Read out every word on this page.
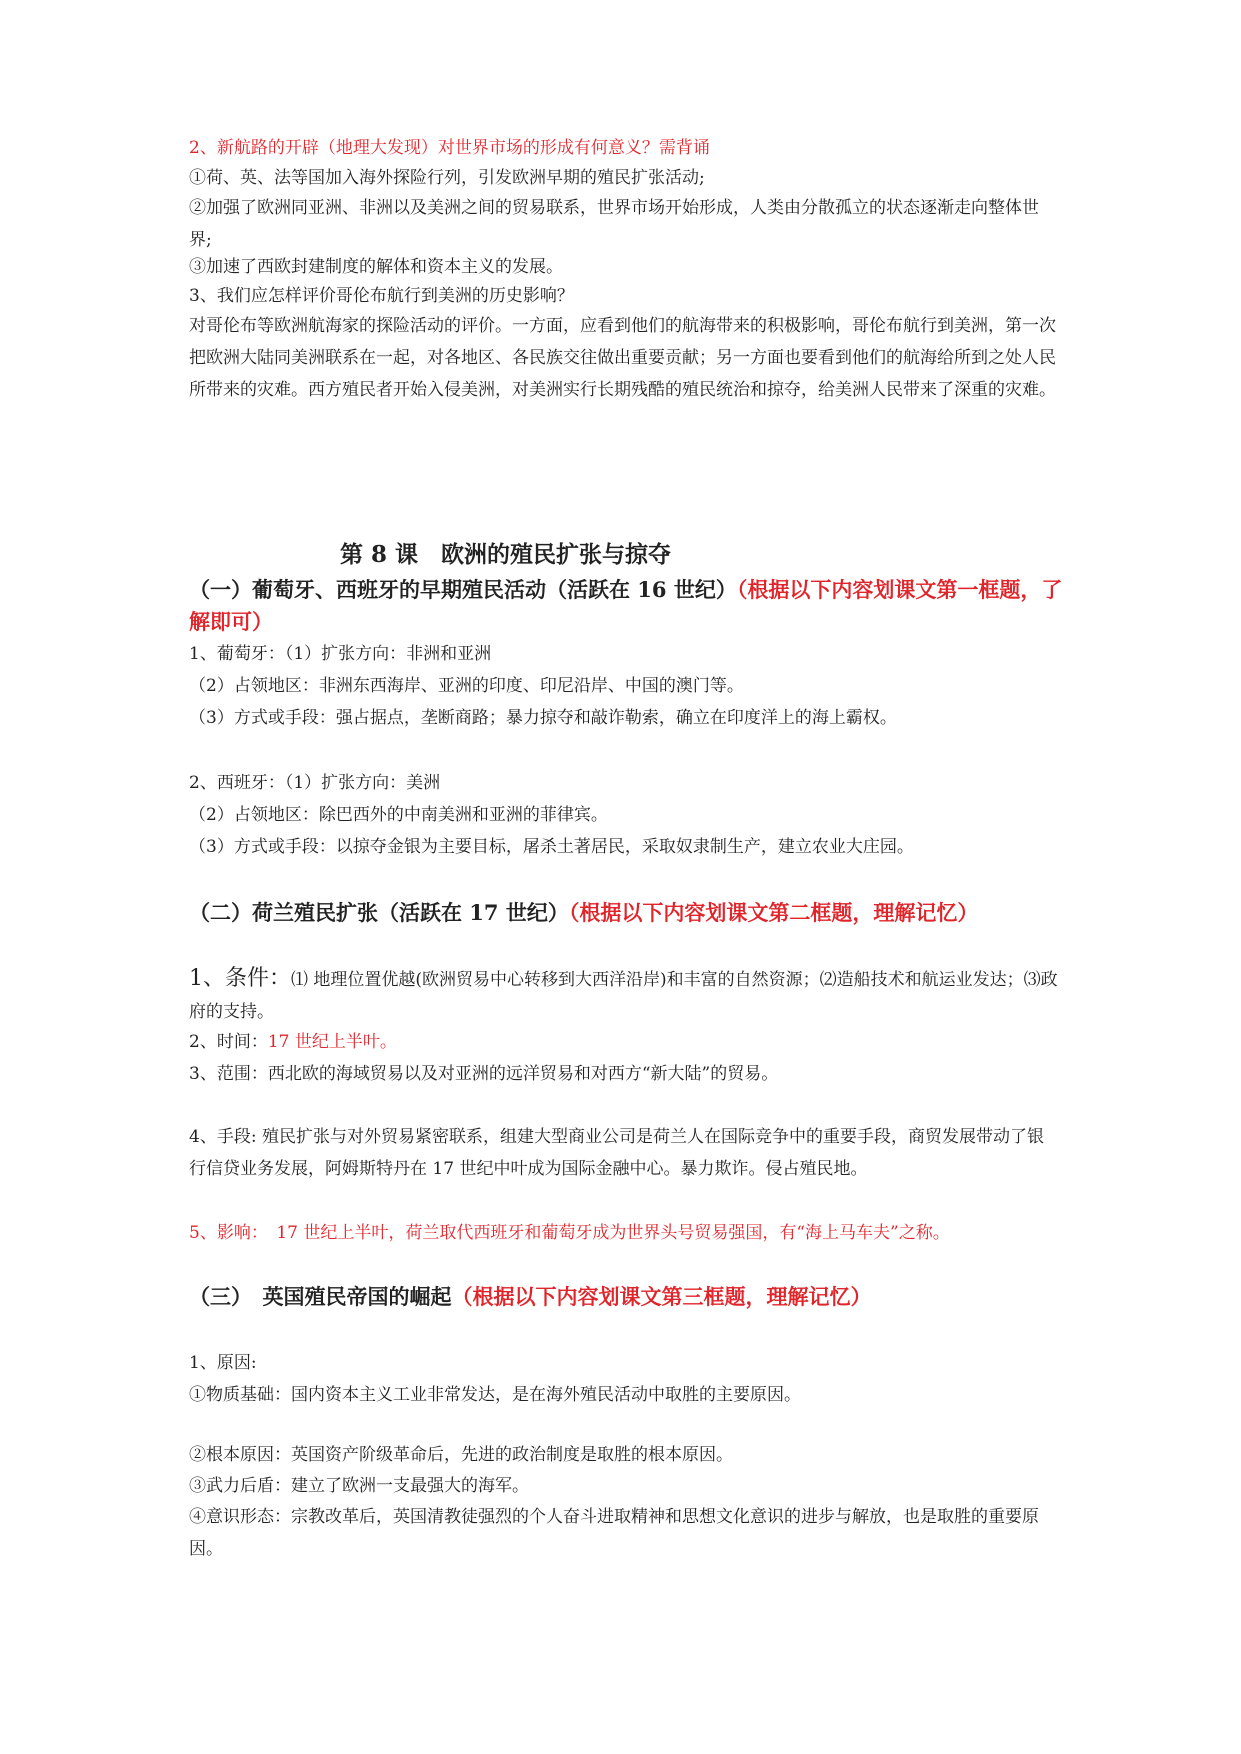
2、新航路的开辟（地理大发现）对世界市场的形成有何意义？需背诵
①荷、英、法等国加入海外探险行列，引发欧洲早期的殖民扩张活动;
②加强了欧洲同亚洲、非洲以及美洲之间的贸易联系，世界市场开始形成，人类由分散孤立的状态逐渐走向整体世界;
③加速了西欧封建制度的解体和资本主义的发展。
3、我们应怎样评价哥伦布航行到美洲的历史影响？
对哥伦布等欧洲航海家的探险活动的评价。一方面，应看到他们的航海带来的积极影响，哥伦布航行到美洲，第一次把欧洲大陆同美洲联系在一起，对各地区、各民族交往做出重要贡献；另一方面也要看到他们的航海给所到之处人民所带来的灾难。西方殖民者开始入侵美洲，对美洲实行长期残酷的殖民统治和掠夺，给美洲人民带来了深重的灾难。
第 8 课　欧洲的殖民扩张与掠夺
（一）葡萄牙、西班牙的早期殖民活动（活跃在 16 世纪）（根据以下内容划课文第一框题，了解即可）
1、葡萄牙：（1）扩张方向：非洲和亚洲
（2）占领地区：非洲东西海岸、亚洲的印度、印尼沿岸、中国的澳门等。
（3）方式或手段：强占据点，垄断商路；暴力掠夺和敲诈勒索，确立在印度洋上的海上霸权。
2、西班牙：（1）扩张方向：美洲
（2）占领地区：除巴西外的中南美洲和亚洲的菲律宾。
（3）方式或手段：以掠夺金银为主要目标，屠杀土著居民，采取奴隶制生产，建立农业大庄园。
（二）荷兰殖民扩张（活跃在 17 世纪）（根据以下内容划课文第二框题，理解记忆）
1、条件：⑴ 地理位置优越(欧洲贸易中心转移到大西洋沿岸)和丰富的自然资源；⑵造船技术和航运业发达；⑶政府的支持。
2、时间：17 世纪上半叶。
3、范围：西北欧的海域贸易以及对亚洲的远洋贸易和对西方“新大陆”的贸易。
4、手段: 殖民扩张与对外贸易紧密联系，组建大型商业公司是荷兰人在国际竞争中的重要手段，商贸发展带动了银行信贷业务发展，阿姆斯特丹在 17 世纪中叶成为国际金融中心。暴力欺诈。侵占殖民地。
5、影响：　17 世纪上半叶，荷兰取代西班牙和葡萄牙成为世界头号贸易强国，有“海上马车夫”之称。
（三）　英国殖民帝国的崛起（根据以下内容划课文第三框题，理解记忆）
1、原因:
①物质基础：国内资本主义工业非常发达，是在海外殖民活动中取胜的主要原因。
②根本原因：英国资产阶级革命后，先进的政治制度是取胜的根本原因。
③武力后盾：建立了欧洲一支最强大的海军。
④意识形态：宗教改革后，英国清教徒强烈的个人奋斗进取精神和思想文化意识的进步与解放，也是取胜的重要原因。
